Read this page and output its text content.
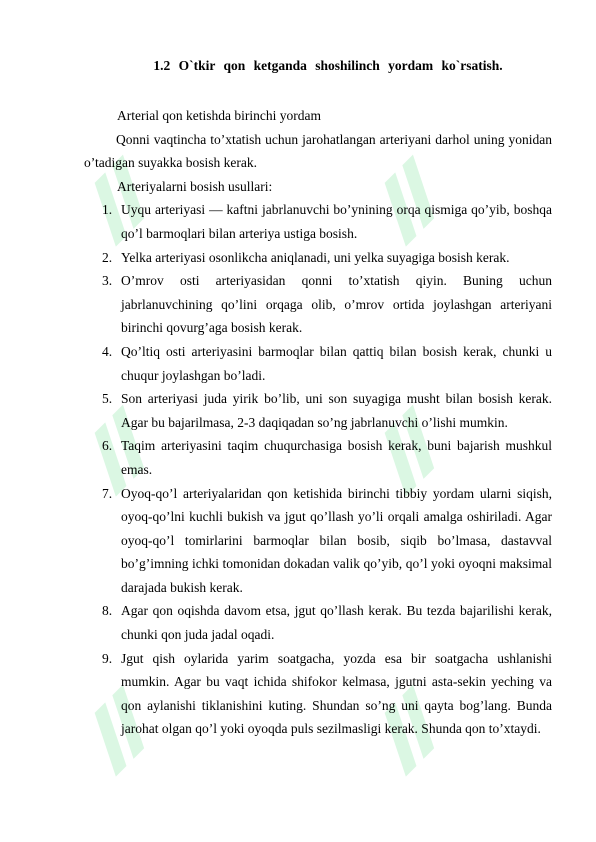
1.2 O`tkir qon ketganda shoshilinch yordam ko`rsatish.

Arterial qon ketishda birinchi yordam

Qonni vaqtincha to’xtatish uchun jarohatlangan arteriyani darhol uning yonidan o’tadigan suyakka bosish kerak.

Arteriyalarni bosish usullari:

1. Uyqu arteriyasi — kaftni jabrlanuvchi bo’ynining orqa qismiga qo’yib, boshqa qo’l barmoqlari bilan arteriya ustiga bosish.
2. Yelka arteriyasi osonlikcha aniqlanadi, uni yelka suyagiga bosish kerak.
3. O’mrov osti arteriyasidan qonni to’xtatish qiyin. Buning uchun jabrlanuvchining qo’lini orqaga olib, o’mrov ortida joylashgan arteriyani birinchi qovurg’aga bosish kerak.
4. Qo’ltiq osti arteriyasini barmoqlar bilan qattiq bilan bosish kerak, chunki u chuqur joylashgan bo’ladi.
5. Son arteriyasi juda yirik bo’lib, uni son suyagiga musht bilan bosish kerak. Agar bu bajarilmasa, 2-3 daqiqadan so’ng jabrlanuvchi o’lishi mumkin.
6. Taqim arteriyasini taqim chuqurchasiga bosish kerak, buni bajarish mushkul emas.
7. Oyoq-qo’l arteriyalaridan qon ketishida birinchi tibbiy yordam ularni siqish, oyoq-qo’lni kuchli bukish va jgut qo’llash yo’li orqali amalga oshiriladi. Agar oyoq-qo’l tomirlarini barmoqlar bilan bosib, siqib bo’lmasa, dastavval bo’g’imning ichki tomonidan dokadan valik qo’yib, qo’l yoki oyoqni maksimal darajada bukish kerak.
8. Agar qon oqishda davom etsa, jgut qo’llash kerak. Bu tezda bajarilishi kerak, chunki qon juda jadal oqadi.
9. Jgut qish oylarida yarim soatgacha, yozda esa bir soatgacha ushlanishi mumkin. Agar bu vaqt ichida shifokor kelmasa, jgutni asta-sekin yeching va qon aylanishi tiklanishini kuting. Shundan so’ng uni qayta bog’lang. Bunda jarohat olgan qo’l yoki oyoqda puls sezilmasligi kerak. Shunda qon to’xtaydi.
